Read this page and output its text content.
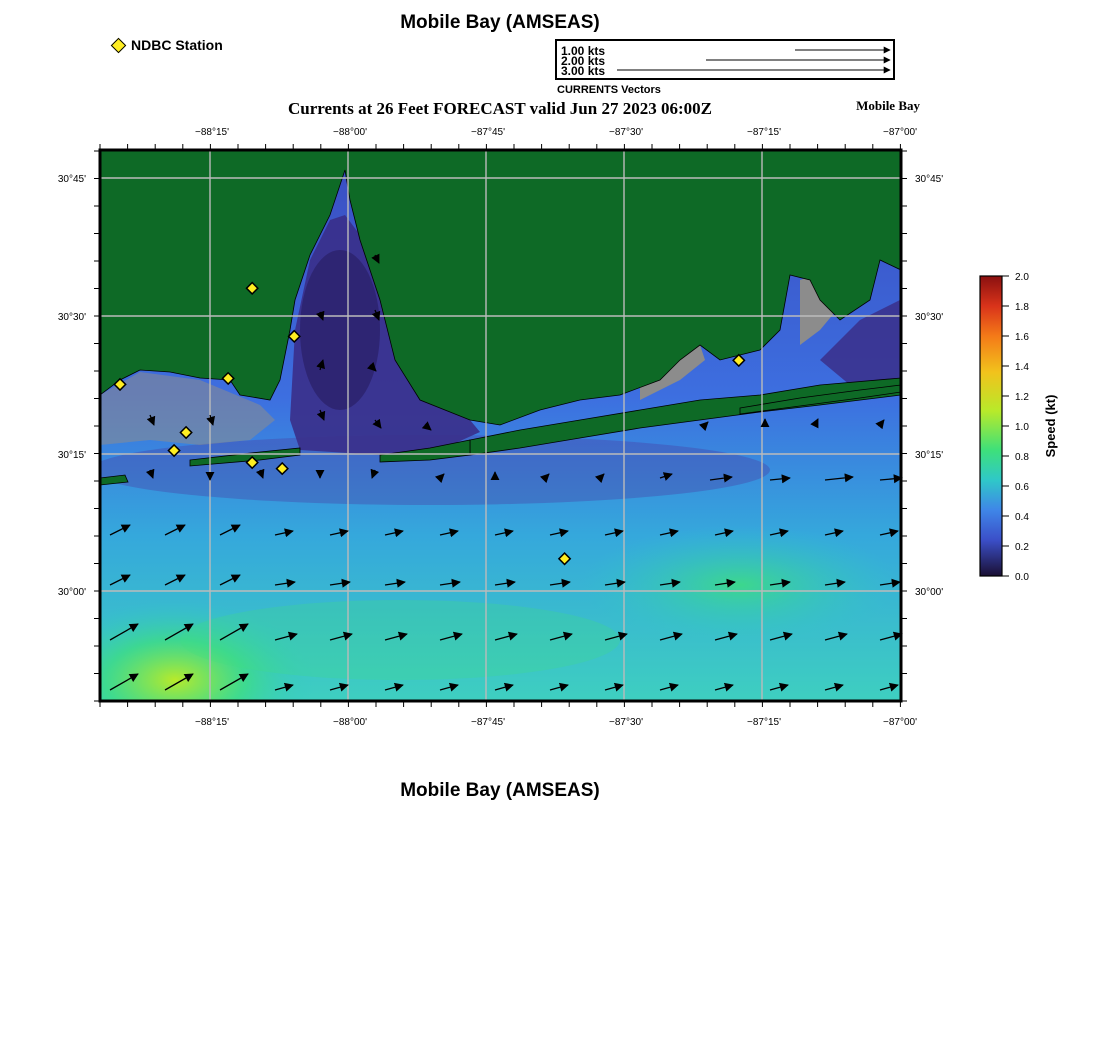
Mobile Bay (AMSEAS)
NDBC Station	1.00 kts
2.00 kts
3.00 kts
−88°15'	−88°00'	−87°45'	−87°30'	−87°15'	−87°00'
−88°15'	−88°00'	−87°45'	−87°30'	−87°15'	−87°00'
30°45'
30°30'
30°15'
30°00'
30°45'
30°30'
30°15'
30°00'
2.0
1.8
1.6
1.4
1.2
1.0
0.8
0.6
0.4
0.2
0.0
Speed (kt)
CURRENTS Vectors
Currents at 26 Feet FORECAST valid Jun 27 2023 06:00Z	Mobile Bay
Mobile Bay (AMSEAS)
